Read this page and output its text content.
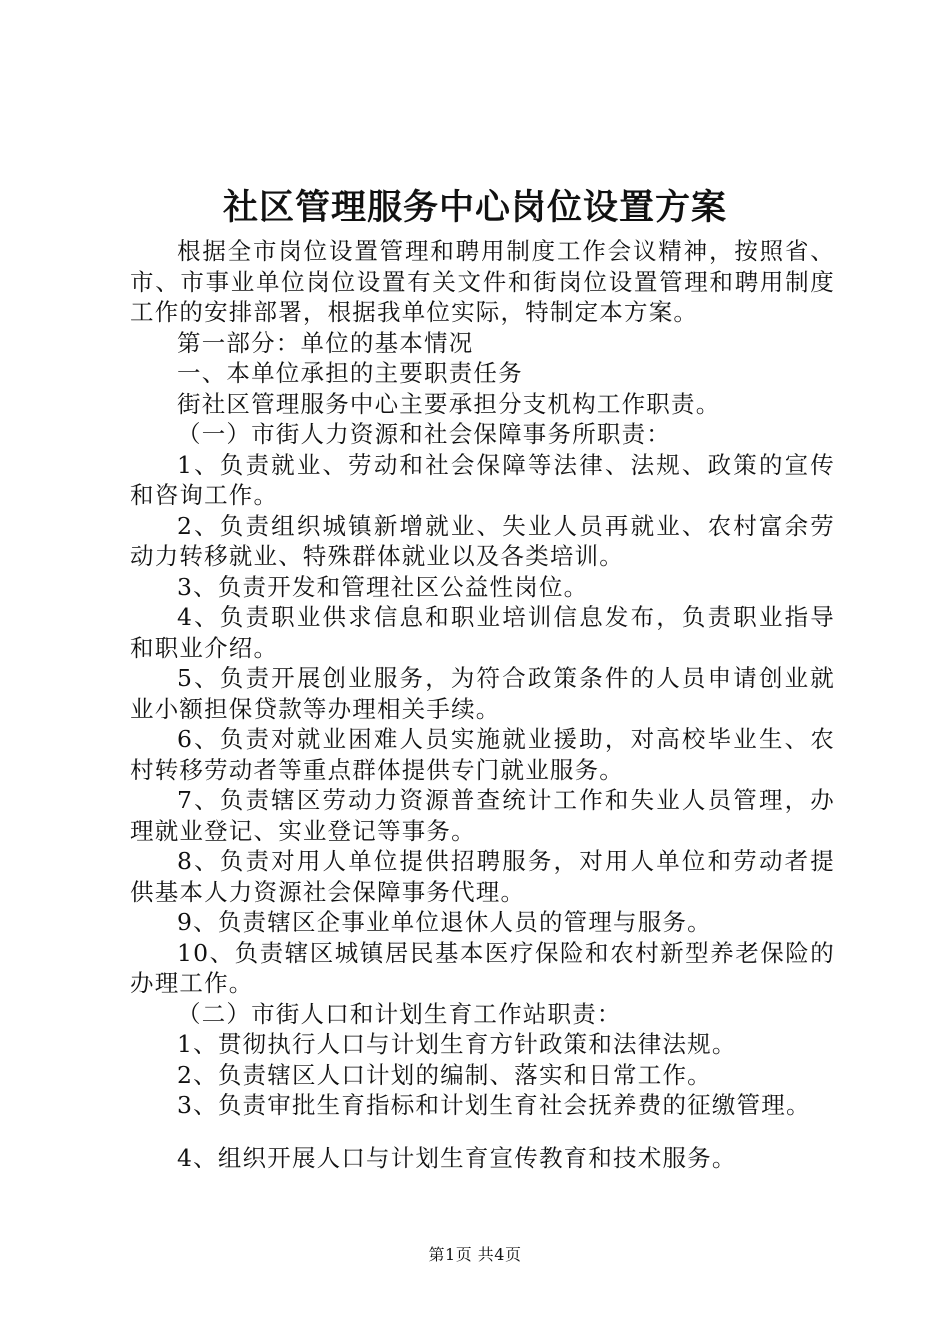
社区管理服务中心岗位设置方案

根据全市岗位设置管理和聘用制度工作会议精神，按照省、市、市事业单位岗位设置有关文件和街岗位设置管理和聘用制度工作的安排部署，根据我单位实际，特制定本方案。

第一部分：单位的基本情况

一、本单位承担的主要职责任务

街社区管理服务中心主要承担分支机构工作职责。

（一）市街人力资源和社会保障事务所职责：

1、负责就业、劳动和社会保障等法律、法规、政策的宣传和咨询工作。

2、负责组织城镇新增就业、失业人员再就业、农村富余劳动力转移就业、特殊群体就业以及各类培训。

3、负责开发和管理社区公益性岗位。

4、负责职业供求信息和职业培训信息发布，负责职业指导和职业介绍。

5、负责开展创业服务，为符合政策条件的人员申请创业就业小额担保贷款等办理相关手续。

6、负责对就业困难人员实施就业援助，对高校毕业生、农村转移劳动者等重点群体提供专门就业服务。

7、负责辖区劳动力资源普查统计工作和失业人员管理，办理就业登记、实业登记等事务。

8、负责对用人单位提供招聘服务，对用人单位和劳动者提供基本人力资源社会保障事务代理。

9、负责辖区企事业单位退休人员的管理与服务。

10、负责辖区城镇居民基本医疗保险和农村新型养老保险的办理工作。

（二）市街人口和计划生育工作站职责：

1、贯彻执行人口与计划生育方针政策和法律法规。

2、负责辖区人口计划的编制、落实和日常工作。

3、负责审批生育指标和计划生育社会抚养费的征缴管理。

4、组织开展人口与计划生育宣传教育和技术服务。

第1页 共4页
